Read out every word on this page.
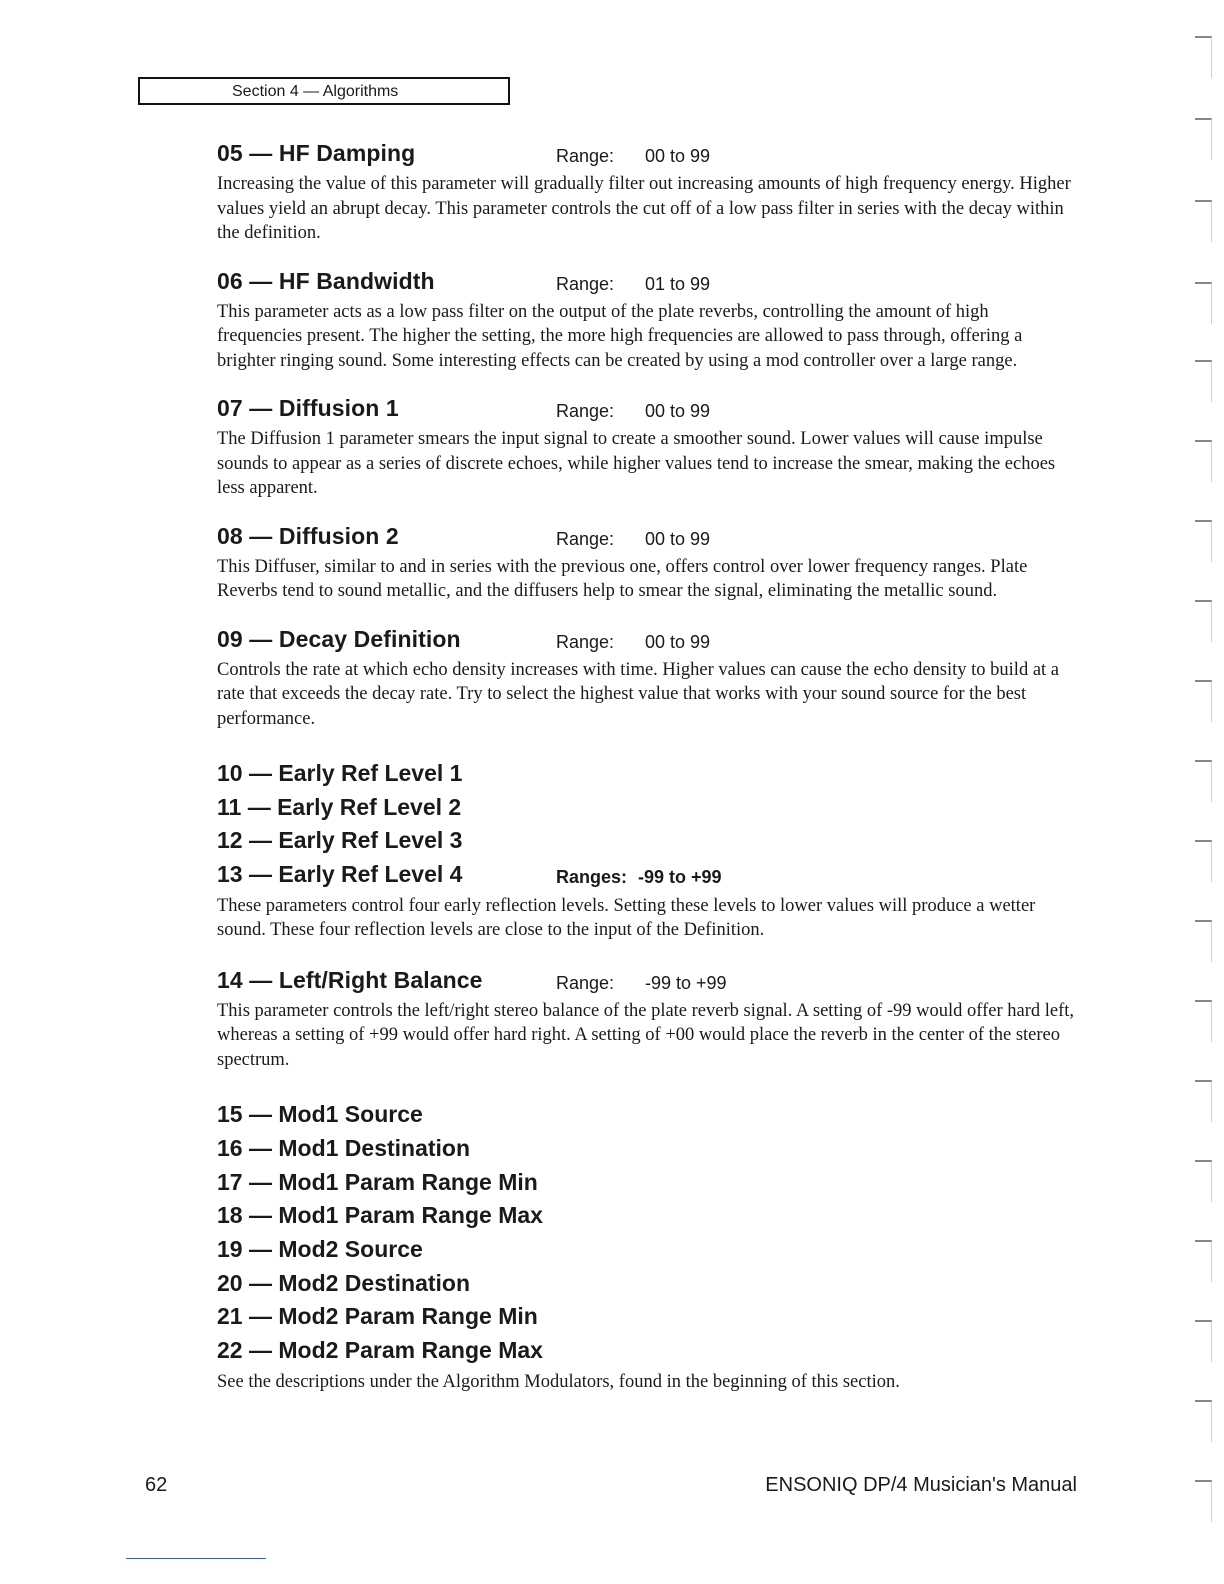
Section 4 — Algorithms
05 — HF Damping	Range: 00 to 99

Increasing the value of this parameter will gradually filter out increasing amounts of high frequency energy. Higher values yield an abrupt decay. This parameter controls the cut off of a low pass filter in series with the decay within the definition.

06 — HF Bandwidth	Range: 01 to 99

This parameter acts as a low pass filter on the output of the plate reverbs, controlling the amount of high frequencies present. The higher the setting, the more high frequencies are allowed to pass through, offering a brighter ringing sound. Some interesting effects can be created by using a mod controller over a large range.

07 — Diffusion 1	Range: 00 to 99

The Diffusion 1 parameter smears the input signal to create a smoother sound. Lower values will cause impulse sounds to appear as a series of discrete echoes, while higher values tend to increase the smear, making the echoes less apparent.

08 — Diffusion 2	Range: 00 to 99

This Diffuser, similar to and in series with the previous one, offers control over lower frequency ranges. Plate Reverbs tend to sound metallic, and the diffusers help to smear the signal, eliminating the metallic sound.

09 — Decay Definition	Range: 00 to 99

Controls the rate at which echo density increases with time. Higher values can cause the echo density to build at a rate that exceeds the decay rate. Try to select the highest value that works with your sound source for the best performance.

10 — Early Ref Level 1
11 — Early Ref Level 2
12 — Early Ref Level 3
13 — Early Ref Level 4	Ranges: -99 to +99

These parameters control four early reflection levels. Setting these levels to lower values will produce a wetter sound. These four reflection levels are close to the input of the Definition.

14 — Left/Right Balance	Range: -99 to +99

This parameter controls the left/right stereo balance of the plate reverb signal. A setting of -99 would offer hard left, whereas a setting of +99 would offer hard right. A setting of +00 would place the reverb in the center of the stereo spectrum.

15 — Mod1 Source
16 — Mod1 Destination
17 — Mod1 Param Range Min
18 — Mod1 Param Range Max
19 — Mod2 Source
20 — Mod2 Destination
21 — Mod2 Param Range Min
22 — Mod2 Param Range Max

See the descriptions under the Algorithm Modulators, found in the beginning of this section.

62	ENSONIQ DP/4 Musician's Manual
